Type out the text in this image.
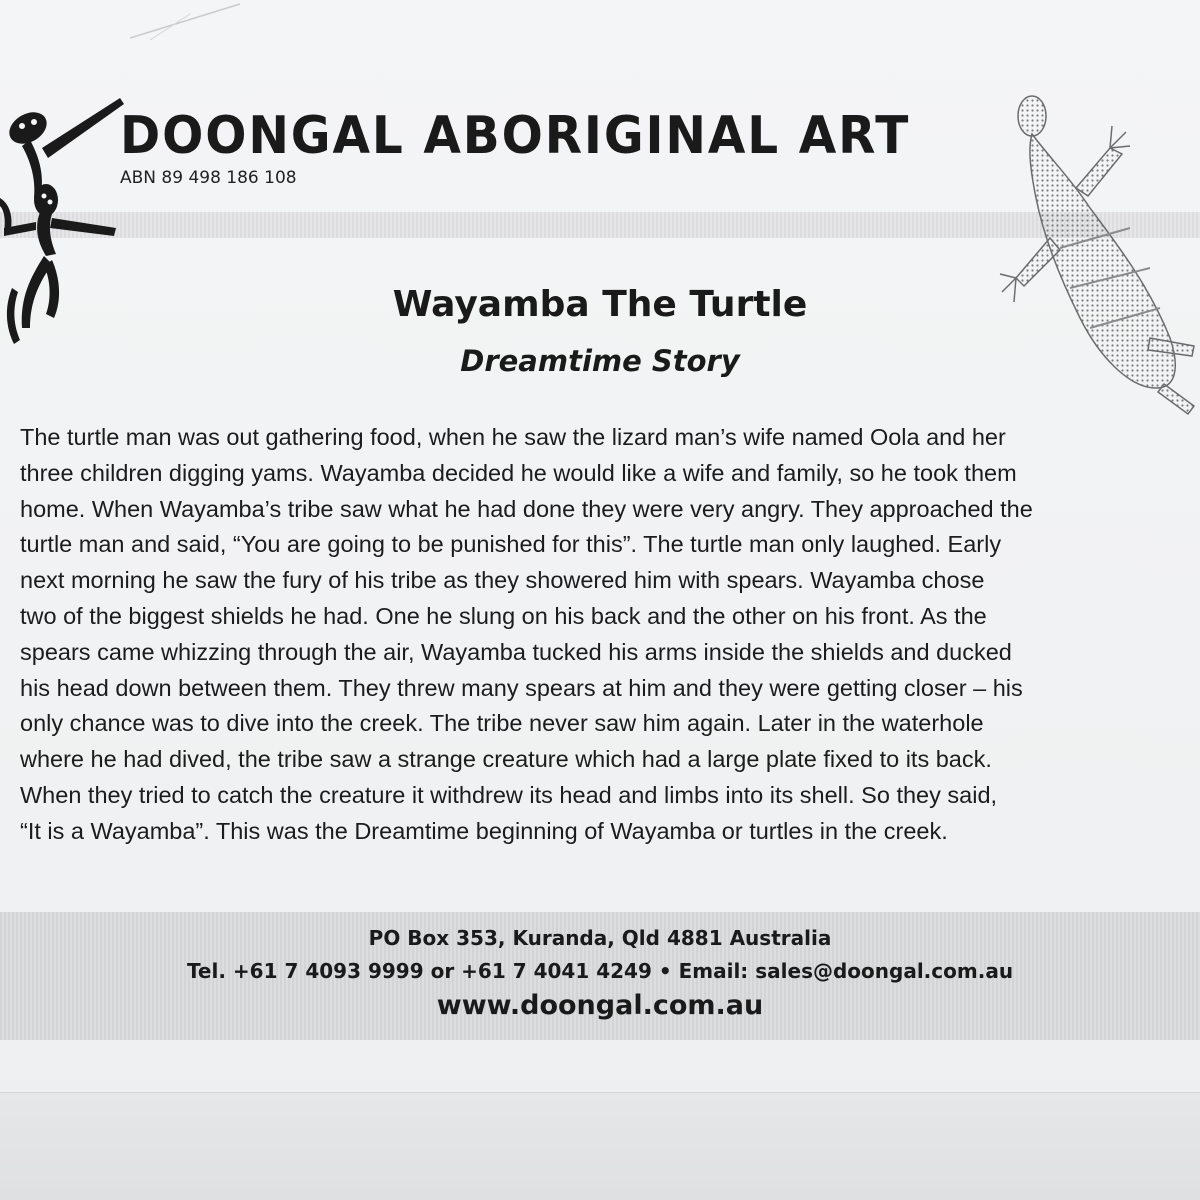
DOONGAL ABORIGINAL ART
ABN 89 498 186 108
Wayamba The Turtle
Dreamtime Story
The turtle man was out gathering food, when he saw the lizard man’s wife named Oola and her
three children digging yams. Wayamba decided he would like a wife and family, so he took them
home. When Wayamba’s tribe saw what he had done they were very angry. They approached the
turtle man and said, “You are going to be punished for this”. The turtle man only laughed. Early
next morning he saw the fury of his tribe as they showered him with spears. Wayamba chose
two of the biggest shields he had. One he slung on his back and the other on his front. As the
spears came whizzing through the air, Wayamba tucked his arms inside the shields and ducked
his head down between them. They threw many spears at him and they were getting closer – his
only chance was to dive into the creek. The tribe never saw him again. Later in the waterhole
where he had dived, the tribe saw a strange creature which had a large plate fixed to its back.
When they tried to catch the creature it withdrew its head and limbs into its shell. So they said,
“It is a Wayamba”. This was the Dreamtime beginning of Wayamba or turtles in the creek.
PO Box 353, Kuranda, Qld 4881 Australia
Tel. +61 7 4093 9999 or +61 7 4041 4249 • Email: sales@doongal.com.au
www.doongal.com.au
